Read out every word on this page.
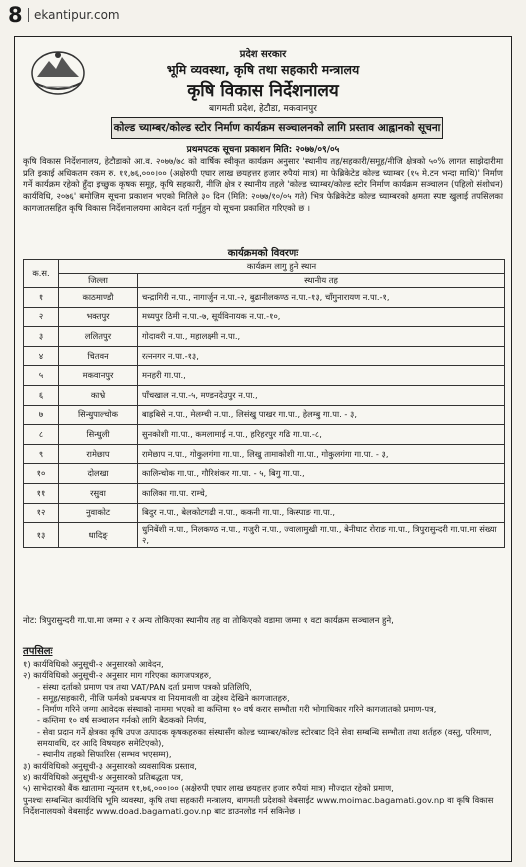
8 ekantipur.com
प्रदेश सरकार
भूमि व्यवस्था, कृषि तथा सहकारी मन्त्रालय
कृषि विकास निर्देशनालय
बागमती प्रदेश, हेटौडा, मकवानपुर
कोल्ड च्याम्बर/कोल्ड स्टोर निर्माण कार्यक्रम सञ्चालनको लागि प्रस्ताव आह्वानको सूचना
प्रथमपटक सूचना प्रकाशन मिति: २०७७/०९/०५
कृषि विकास निर्देशनालय, हेटौडाको आ.व. २०७७/७८ को वार्षिक स्वीकृत कार्यक्रम अनुसार 'स्थानीय तह/सहकारी/समूह/नीजि क्षेत्रको ५०% लागत साझेदारीमा प्रति इकाई अधिकतम रकम रु. ११,७६,०००।०० (अक्षेरुपी एघार लाख छयहत्तर हजार रुपैयां मात्र) मा फेब्रिकेटेड कोल्ड च्याम्बर (१५ मे.टन भन्दा माथि)' निर्माण गर्ने कार्यक्रम रहेको हुँदा इच्छुक कृषक समूह, कृषि सहकारी, नीजि क्षेत्र र स्थानीय तहले 'कोल्ड च्याम्बर/कोल्ड स्टोर निर्माण कार्यक्रम सञ्चालन (पहिलो संशोधन) कार्यविधि, २०७६' बमोजिम सूचना प्रकाशन भएको मितिले ३० दिन (मिति: २०७७/१०/०५ गते) भित्र फेब्रिकेटेड कोल्ड च्याम्बरको क्षमता स्पष्ट खुलाई तपसिलका कागजातसहित कृषि विकास निर्देशनालयमा आवेदन दर्ता गर्नुहुन यो सूचना प्रकाशित गरिएको छ ।
कार्यक्रमको विवरणः
क.स.	कार्यक्रम लागु हुने स्थान	
	जिल्ला	स्थानीय तह
१	काठमाण्डौ	चन्द्रागिरी न.पा., नागार्जुन न.पा.-२, बुढानीलकण्ठ न.पा.-१३, चाँगुनारायण न.पा.-१,
२	भक्तपुर	मध्यपुर ठिमी न.पा.-७, सूर्यविनायक न.पा.-१०,
३	ललितपुर	गोदावरी न.पा., महालक्ष्मी न.पा.,
४	चितवन	रत्ननगर न.पा.-१३,
५	मकवानपुर	मनहरी गा.पा.,
६	काभ्रे	पाँचखाल न.पा.-५, मण्डनदेउपुर न.पा.,
७	सिन्धुपाल्चोक	बाह्रबिसे न.पा., मेलम्ची न.पा., लिसंखु पाखर गा.पा., हेलम्बु गा.पा. - ३,
८	सिन्धुली	सुनकोशी गा.पा., कमलामाई न.पा., हरिहरपुर गढि गा.पा.-८,
९	रामेछाप	रामेछाप न.पा., गोकुलगंगा गा.पा., लिखु तामाकोशी गा.पा., गोकुलगंगा गा.पा. - ३,
१०	दोलखा	कालिन्चोक गा.पा., गौरिशंकर गा.पा. - ५, बिगु गा.पा.,
११	रसुवा	कालिका गा.पा. राम्चे,
१२	नुवाकोट	बिदुर न.पा., बेलकोटगढी न.पा., ककनी गा.पा., किस्पाङ गा.पा.,
१३	धादिङ्	धुनिबेंशी न.पा., निलकण्ठ न.पा., गजुरी न.पा., ज्वालामुखी गा.पा., बेनीघाट रोराङ गा.पा., त्रिपुरासुन्दरी गा.पा.मा संख्या २,
नोट: त्रिपुरासुन्दरी गा.पा.मा जम्मा २ र अन्य तोकिएका स्थानीय तह वा तोकिएको वडामा जम्मा १ वटा कार्यक्रम सञ्चालन हुने,
तपसिलः
१) कार्यविधिको अनुसूची-२ अनुसारको आवेदन,
२) कार्यविधिको अनुसूची-२ अनुसार माग गरिएका कागजपत्रहरु,
- संस्था दर्ताको प्रमाण पत्र तथा VAT/PAN दर्ता प्रमाण पत्रको प्रतिलिपि,
- समूह/सहकारी, नीजि फर्मको प्रबन्धपत्र वा नियमावली वा उद्देश्य देखिने कागजातहरु,
- निर्माण गरिने जग्गा आवेदक संस्थाको नाममा भएको वा कम्तिमा १० वर्ष करार सम्भौता गरी भोगाधिकार गरिने कागजातको प्रमाण-पत्र,
- कम्तिमा १० वर्ष सञ्चालन गर्नको लागि बैठकको निर्णय,
- सेवा प्रदान गर्ने क्षेत्रका कृषि उपज उत्पादक कृषकहरुका संस्थासँग कोल्ड च्याम्बर/कोल्ड स्टोरबाट दिने सेवा सम्बन्धि सम्भौता तथा शर्तहरु (वस्तु, परिमाण, समयावधि, दर आदि विषयहरु समेटिएको),
- स्थानीय तहको सिफारिस (सम्भव भएसम्म),
३) कार्यविधिको अनुसूची-३ अनुसारको व्यवसायिक प्रस्ताव,
४) कार्यविधिको अनुसूची-४ अनुसारको प्रतिबद्धता पत्र,
५) साभेदारको बैंक खातामा न्यूनतम ११,७६,०००।०० (अक्षेरुपी एघार लाख छयहत्तर हजार रुपैयां मात्र) मौज्दात रहेको प्रमाण,
पुनश्चः सम्बन्धित कार्यविधि भूमि व्यवस्था, कृषि तथा सहकारी मन्त्रालय, बागमती प्रदेशको वेबसाईट www.moimac.bagamati.gov.np वा कृषि विकास निर्देशनालयको वेबसाईट www.doad.bagamati.gov.np बाट डाउनलोड गर्न सकिनेछ ।
